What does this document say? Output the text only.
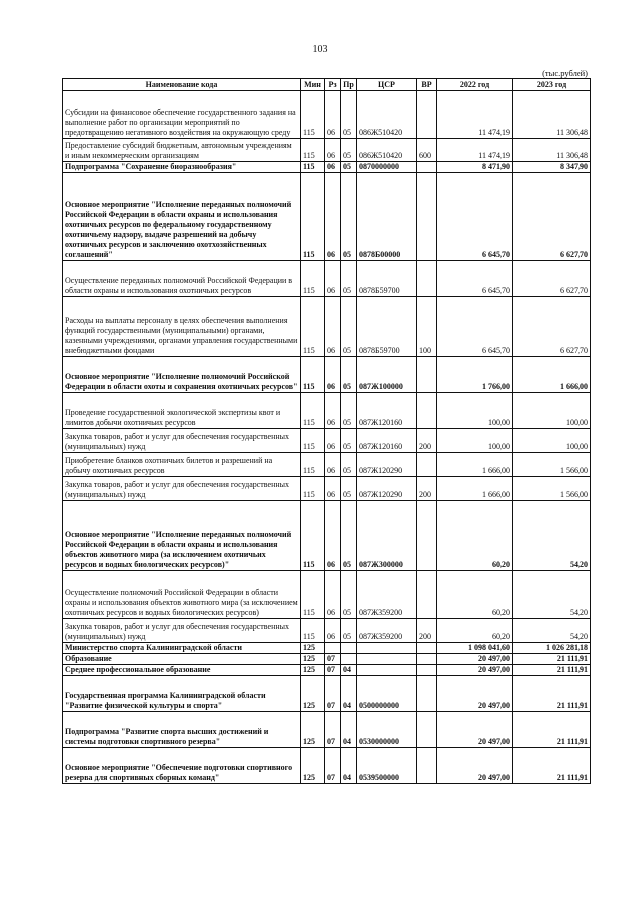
103
(тыс.рублей)
Наименование кода	Мин	Рз	Пр	ЦСР	ВР	2022 год	2023 год
Субсидии на финансовое обеспечение государственного задания на выполнение работ по организации мероприятий по предотвращению негативного воздействия на окружающую среду	115	06	05	086Ж510420		11 474,19	11 306,48
Предоставление субсидий бюджетным, автономным учреждениям и иным некоммерческим организациям	115	06	05	086Ж510420	600	11 474,19	11 306,48
Подпрограмма "Сохранение биоразнообразия"	115	06	05	0870000000		8 471,90	8 347,90
Основное мероприятие "Исполнение переданных полномочий Российской Федерации в области охраны и использования охотничьих ресурсов по федеральному государственному охотничьему надзору, выдаче разрешений на добычу охотничьих ресурсов и заключению охотхозяйственных соглашений"	115	06	05	0878Б00000		6 645,70	6 627,70
Осуществление переданных полномочий Российской Федерации в области охраны и использования охотничьих ресурсов	115	06	05	0878Б59700		6 645,70	6 627,70
Расходы на выплаты персоналу в целях обеспечения выполнения функций государственными (муниципальными) органами, казенными учреждениями, органами управления государственными внебюджетными фондами	115	06	05	0878Б59700	100	6 645,70	6 627,70
Основное мероприятие "Исполнение полномочий Российской Федерации в области охоты и сохранения охотничьих ресурсов"	115	06	05	087Ж100000		1 766,00	1 666,00
Проведение государственной экологической экспертизы квот и лимитов добычи охотничьих ресурсов	115	06	05	087Ж120160		100,00	100,00
Закупка товаров, работ и услуг для обеспечения государственных (муниципальных) нужд	115	06	05	087Ж120160	200	100,00	100,00
Приобретение бланков охотничьих билетов и разрешений на добычу охотничьих ресурсов	115	06	05	087Ж120290		1 666,00	1 566,00
Закупка товаров, работ и услуг для обеспечения государственных (муниципальных) нужд	115	06	05	087Ж120290	200	1 666,00	1 566,00
Основное мероприятие "Исполнение переданных полномочий Российской Федерации в области охраны и использования объектов животного мира (за исключением охотничьих ресурсов и водных биологических ресурсов)"	115	06	05	087Ж300000		60,20	54,20
Осуществление полномочий Российской Федерации в области охраны и использования объектов животного мира (за исключением охотничьих ресурсов и водных биологических ресурсов)	115	06	05	087Ж359200		60,20	54,20
Закупка товаров, работ и услуг для обеспечения государственных (муниципальных) нужд	115	06	05	087Ж359200	200	60,20	54,20
Министерство спорта Калининградской области	125					1 098 041,60	1 026 281,18
Образование	125	07				20 497,00	21 111,91
Среднее профессиональное образование	125	07	04			20 497,00	21 111,91
Государственная программа Калининградской области "Развитие физической культуры и спорта"	125	07	04	0500000000		20 497,00	21 111,91
Подпрограмма "Развитие спорта высших достижений и системы подготовки спортивного резерва"	125	07	04	0530000000		20 497,00	21 111,91
Основное мероприятие "Обеспечение подготовки спортивного резерва для спортивных сборных команд"	125	07	04	0539500000		20 497,00	21 111,91
